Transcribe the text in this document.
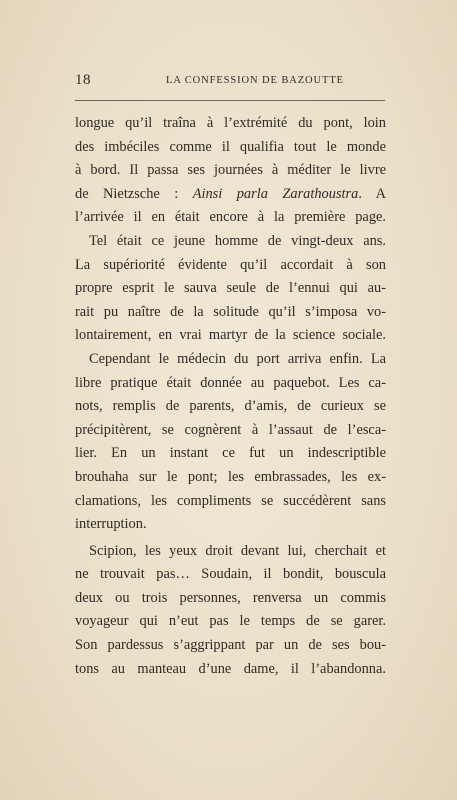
18	LA CONFESSION DE BAZOUTTE
longue qu’il traîna à l’extrémité du pont, loin
des imbéciles comme il qualifia tout le monde
à bord. Il passa ses journées à méditer le livre
de Nietzsche : Ainsi parla Zarathoustra. A
l’arrivée il en était encore à la première page.
Tel était ce jeune homme de vingt-deux ans.
La supériorité évidente qu’il accordait à son
propre esprit le sauva seule de l’ennui qui au-
rait pu naître de la solitude qu’il s’imposa vo-
lontairement, en vrai martyr de la science sociale.
Cependant le médecin du port arriva enfin. La
libre pratique était donnée au paquebot. Les ca-
nots, remplis de parents, d’amis, de curieux se
précipitèrent, se cognèrent à l’assaut de l’esca-
lier. En un instant ce fut un indescriptible
brouhaha sur le pont; les embrassades, les ex-
clamations, les compliments se succédèrent sans
interruption.
Scipion, les yeux droit devant lui, cherchait et
ne trouvait pas… Soudain, il bondit, bouscula
deux ou trois personnes, renversa un commis
voyageur qui n’eut pas le temps de se garer.
Son pardessus s’aggrippant par un de ses bou-
tons au manteau d’une dame, il l’abandonna.
